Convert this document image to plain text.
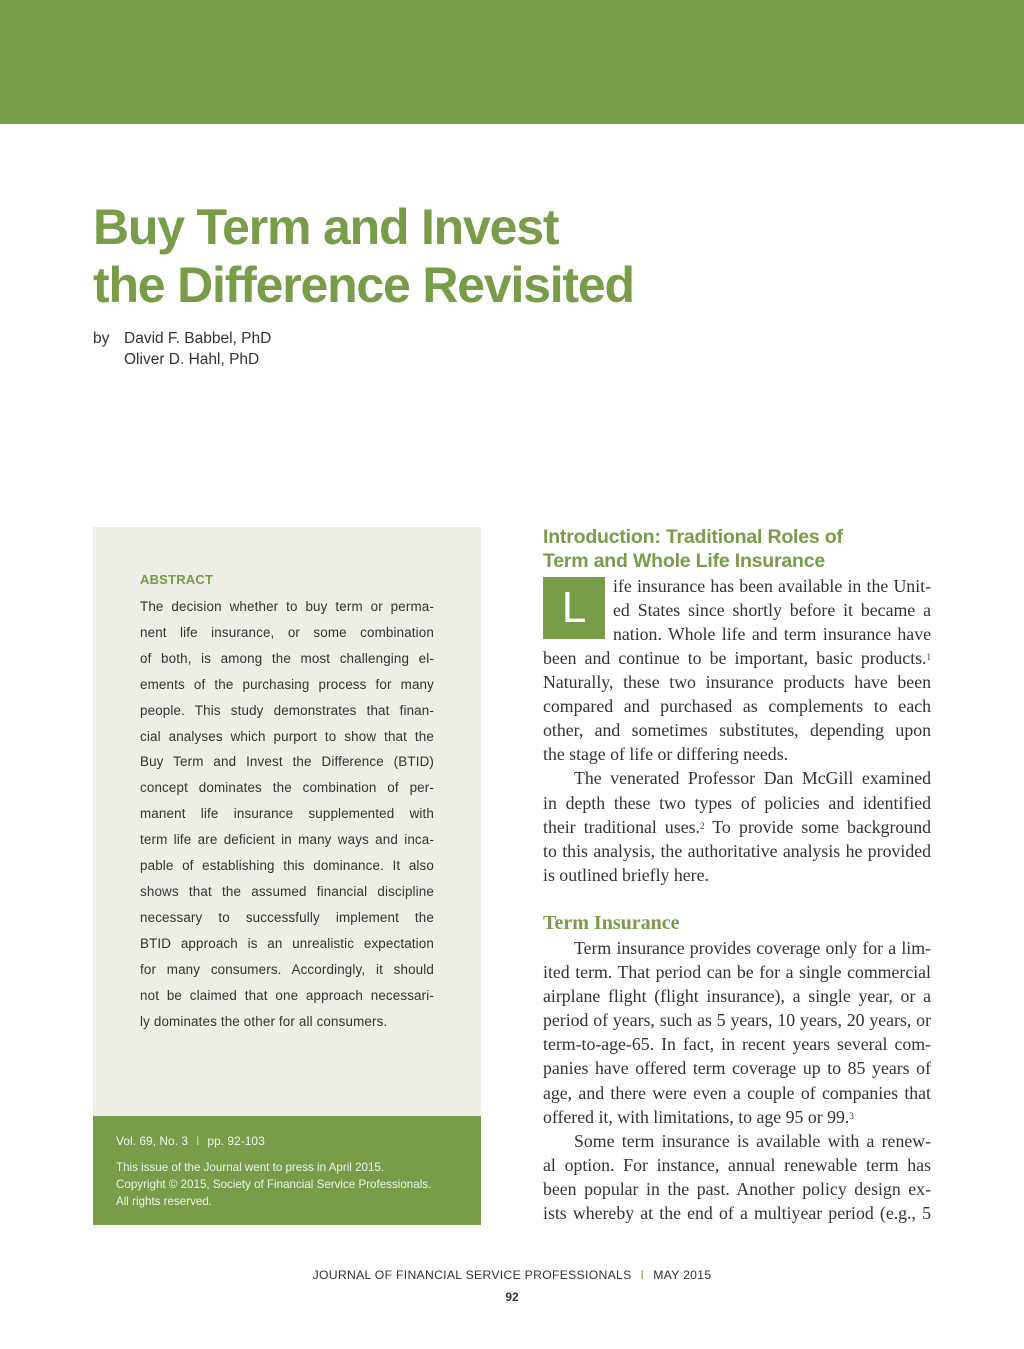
Buy Term and Invest
the Difference Revisited
by David F. Babbel, PhD
Oliver D. Hahl, PhD
ABSTRACT
The decision whether to buy term or perma-
nent life insurance, or some combination
of both, is among the most challenging el-
ements of the purchasing process for many
people. This study demonstrates that finan-
cial analyses which purport to show that the
Buy Term and Invest the Difference (BTID)
concept dominates the combination of per-
manent life insurance supplemented with
term life are deficient in many ways and inca-
pable of establishing this dominance. It also
shows that the assumed financial discipline
necessary to successfully implement the
BTID approach is an unrealistic expectation
for many consumers. Accordingly, it should
not be claimed that one approach necessari-
ly dominates the other for all consumers.
Vol. 69, No. 3 I pp. 92-103
This issue of the Journal went to press in April 2015.
Copyright © 2015, Society of Financial Service Professionals.
All rights reserved.
Introduction: Traditional Roles of
Term and Whole Life Insurance
L	ife insurance has been available in the Unit-
ed States since shortly before it became a
nation. Whole life and term insurance have
been and continue to be important, basic products.$^1$
Naturally, these two insurance products have been
compared and purchased as complements to each
other, and sometimes substitutes, depending upon
the stage of life or differing needs.
The venerated Professor Dan McGill examined
in depth these two types of policies and identified
their traditional uses.$^2$ To provide some background
to this analysis, the authoritative analysis he provided
is outlined briefly here.
Term Insurance
Term insurance provides coverage only for a lim-
ited term. That period can be for a single commercial
airplane flight (flight insurance), a single year, or a
period of years, such as 5 years, 10 years, 20 years, or
term-to-age-65. In fact, in recent years several com-
panies have offered term coverage up to 85 years of
age, and there were even a couple of companies that
offered it, with limitations, to age 95 or 99.$^3$
Some term insurance is available with a renew-
al option. For instance, annual renewable term has
been popular in the past. Another policy design ex-
ists whereby at the end of a multiyear period (e.g., 5
JOURNAL OF FINANCIAL SERVICE PROFESSIONALS I MAY 2015
92
